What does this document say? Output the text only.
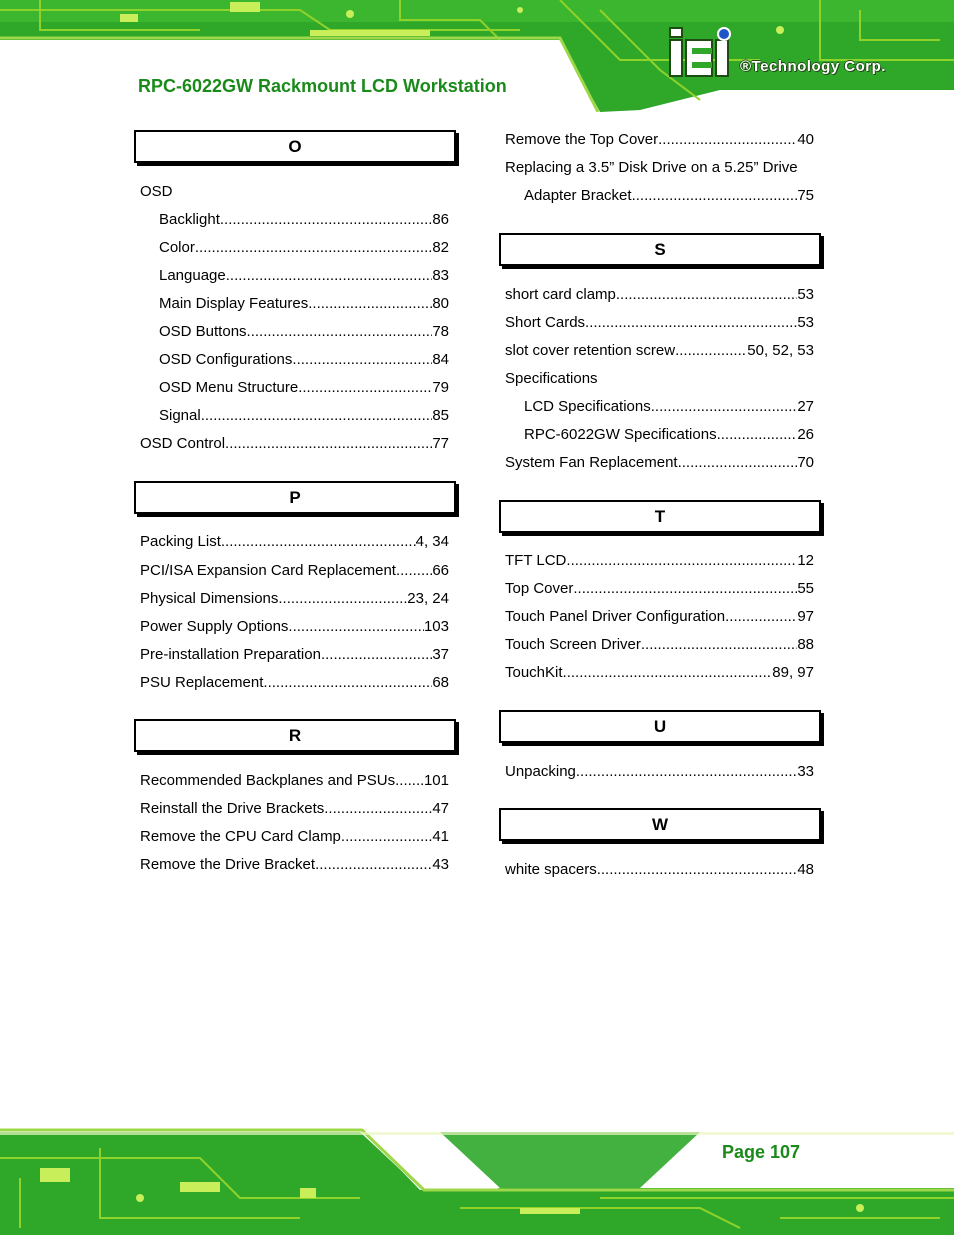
®Technology Corp.
RPC-6022GW Rackmount LCD Workstation
Page 107
O
OSD
Backlight .....	86
Color .....	82
Language .....	83
Main Display Features .....	80
OSD Buttons .....	78
OSD Configurations .....	84
OSD Menu Structure .....	79
Signal .....	85
OSD Control .....	77
P
Packing List .....	4, 34
PCI/ISA Expansion Card Replacement ..... 66
Physical Dimensions .....	23, 24
Power Supply Options .....	103
Pre-installation Preparation .....	37
PSU Replacement .....	68
R
Recommended Backplanes and PSUs ..... 101
Reinstall the Drive Brackets .....	47
Remove the CPU Card Clamp .....	41
Remove the Drive Bracket .....	43
Remove the Top Cover .....	40
Replacing a 3.5” Disk Drive on a 5.25” Drive
Adapter Bracket .....	75
S
short card clamp .....	53
Short Cards .....	53
slot cover retention screw .....	50, 52, 53
Specifications
LCD Specifications .....	27
RPC-6022GW Specifications .....	26
System Fan Replacement .....	70
T
TFT LCD .....	12
Top Cover .....	55
Touch Panel Driver Configuration .....	97
Touch Screen Driver .....	88
TouchKit .....	89, 97
U
Unpacking .....	33
W
white spacers .....	48
